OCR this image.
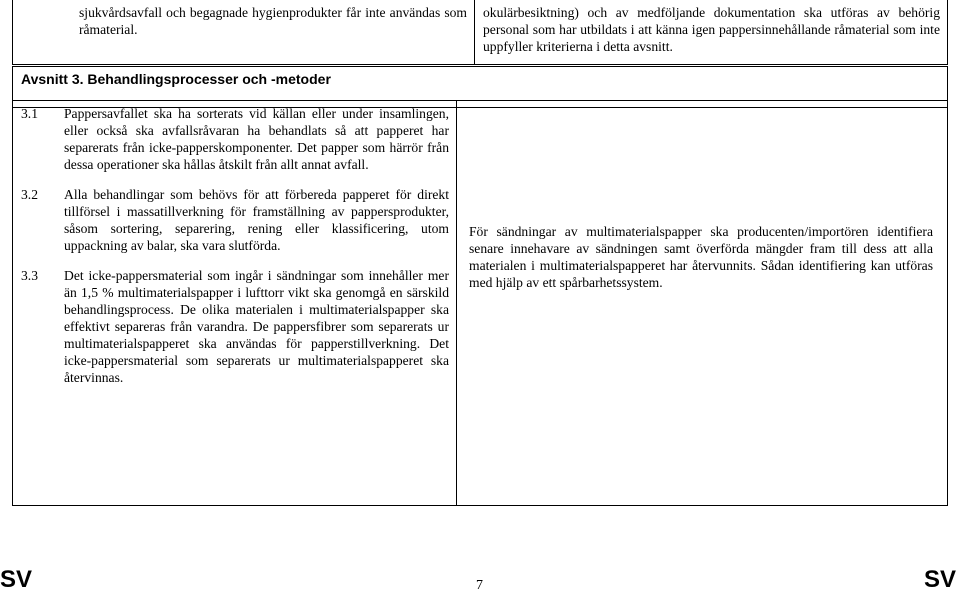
sjukvårdsavfall och begagnade hygienprodukter får inte användas som råmaterial.

okulärbesiktning) och av medföljande dokumentation ska utföras av behörig personal som har utbildats i att känna igen pappersinnehållande råmaterial som inte uppfyller kriterierna i detta avsnitt.

Avsnitt 3. Behandlingsprocesser och -metoder
3.1	Pappersavfallet ska ha sorterats vid källan eller under insamlingen, eller också ska avfallsråvaran ha behandlats så att papperet har separerats från icke-papperskomponenter. Det papper som härrör från dessa operationer ska hållas åtskilt från allt annat avfall.
3.2	Alla behandlingar som behövs för att förbereda papperet för direkt tillförsel i massatillverkning för framställning av pappersprodukter, såsom sortering, separering, rening eller klassificering, utom uppackning av balar, ska vara slutförda.
3.3	Det icke-pappersmaterial som ingår i sändningar som innehåller mer än 1,5 % multimaterialspapper i lufttorr vikt ska genomgå en särskild behandlingsprocess. De olika materialen i multimaterialspapper ska effektivt separeras från varandra. De pappersfibrer som separerats ur multimaterialspapperet ska användas för papperstillverkning. Det icke-pappersmaterial som separerats ur multimaterialspapperet ska återvinnas.

För sändningar av multimaterialspapper ska producenten/importören identifiera senare innehavare av sändningen samt överförda mängder fram till dess att alla materialen i multimaterialspapperet har återvunnits. Sådan identifiering kan utföras med hjälp av ett spårbarhetssystem.

SV	7	SV
